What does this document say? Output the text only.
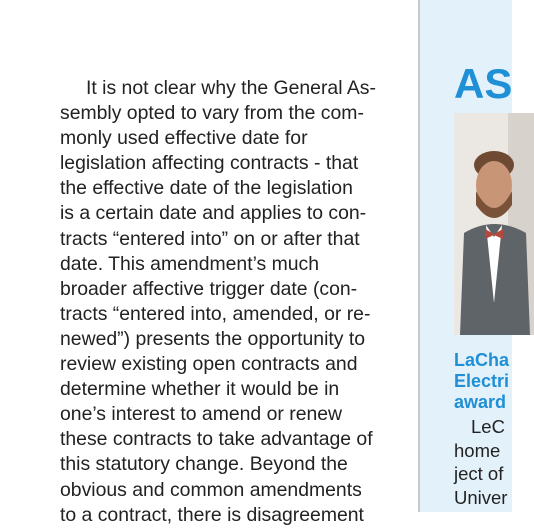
It is not clear why the General As-
sembly opted to vary from the com-
monly used effective date for
legislation affecting contracts - that
the effective date of the legislation
is a certain date and applies to con-
tracts “entered into” on or after that
date. This amendment’s much
broader affective trigger date (con-
tracts “entered into, amended, or re-
newed”) presents the opportunity to
review existing open contracts and
determine whether it would be in
one’s interest to amend or renew
these contracts to take advantage of
this statutory change. Beyond the
obvious and common amendments
to a contract, there is disagreement

AS

LaCha
Electri
award

LeC
home
ject of
Univer
